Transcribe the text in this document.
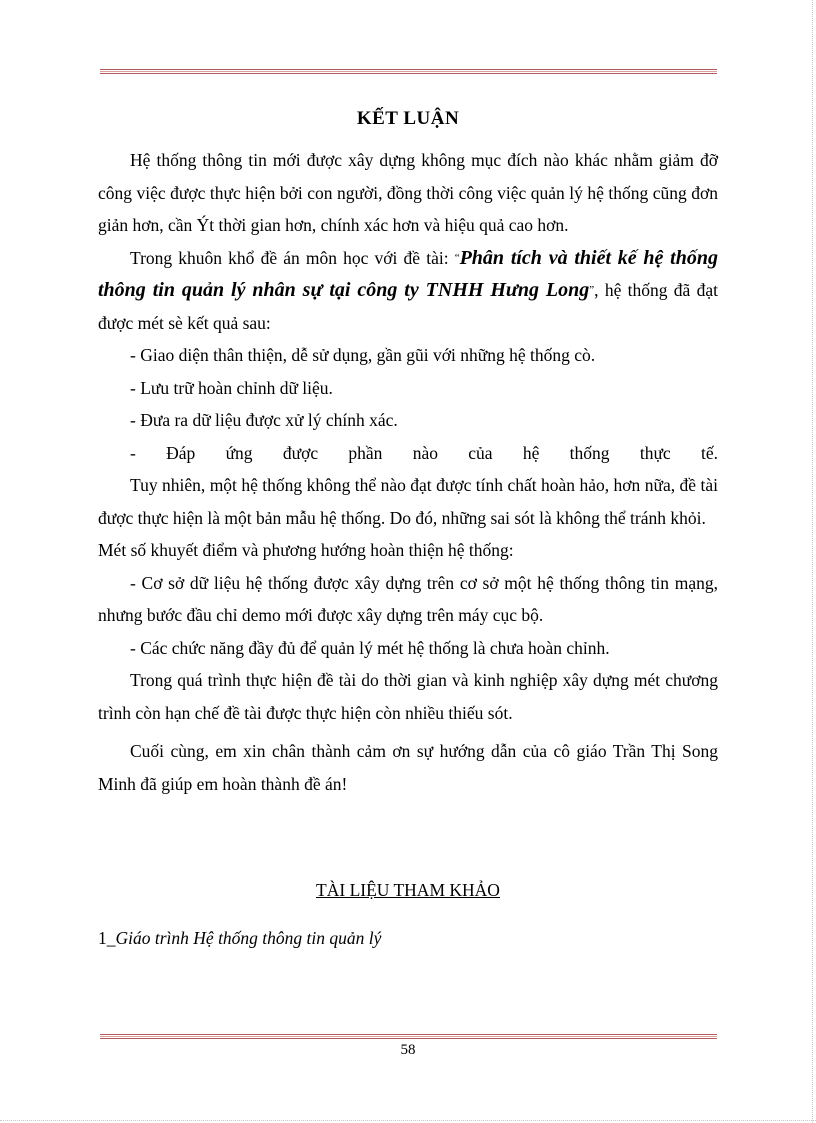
KẾT LUẬN

Hệ thống thông tin mới được xây dựng không mục đích nào khác nhằm giảm đỡ công việc được thực hiện bởi con người, đồng thời công việc quản lý hệ thống cũng đơn giản hơn, cần Ýt thời gian hơn, chính xác hơn và hiệu quả cao hơn.

Trong khuôn khổ đề án môn học với đề tài: “Phân tích và thiết kế hệ thống thông tin quản lý nhân sự tại công ty TNHH Hưng Long”, hệ thống đã đạt được mét sè kết quả sau:

- Giao diện thân thiện, dễ sử dụng, gần gũi với những hệ thống cò.

- Lưu trữ hoàn chỉnh dữ liệu.

- Đưa ra dữ liệu được xử lý chính xác.

- Đáp ứng được phần nào của hệ thống thực tế.

Tuy nhiên, một hệ thống không thể nào đạt được tính chất hoàn hảo, hơn nữa, đề tài được thực hiện là một bản mẫu hệ thống. Do đó, những sai sót là không thể tránh khỏi.

Mét số khuyết điểm và phương hướng hoàn thiện hệ thống:

- Cơ sở dữ liệu hệ thống được xây dựng trên cơ sở một hệ thống thông tin mạng, nhưng bước đầu chỉ demo mới được xây dựng trên máy cục bộ.

- Các chức năng đầy đủ để quản lý mét hệ thống là chưa hoàn chỉnh.

Trong quá trình thực hiện đề tài do thời gian và kinh nghiệp xây dựng mét chương trình còn hạn chế đề tài được thực hiện còn nhiều thiếu sót.

Cuối cùng, em xin chân thành cảm ơn sự hướng dẫn của cô giáo Trần Thị Song Minh đã giúp em hoàn thành đề án!

TÀI LIỆU THAM KHẢO
1_Giáo trình Hệ thống thông tin quản lý
58
